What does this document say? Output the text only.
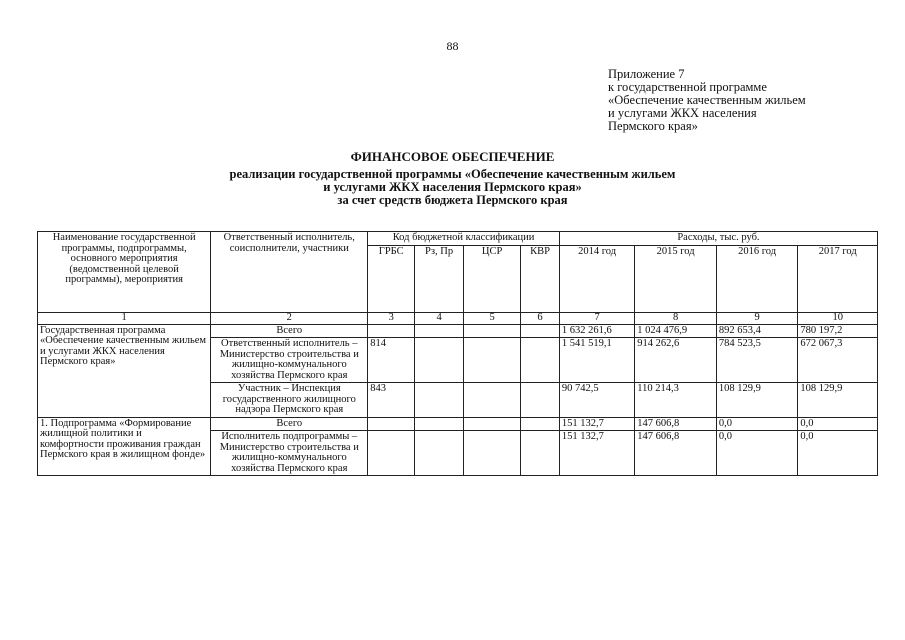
88
Приложение 7
к государственной программе
«Обеспечение качественным жильем
и услугами ЖКХ населения
Пермского края»
ФИНАНСОВОЕ ОБЕСПЕЧЕНИЕ
реализации государственной программы «Обеспечение качественным жильем
и услугами ЖКХ населения Пермского края»
за счет средств бюджета Пермского края
Наименование государственной программы, подпрограммы, основного мероприятия (ведомственной целевой программы), мероприятия	Ответственный исполнитель, соисполнители, участники	Код бюджетной классификации				Расходы, тыс. руб.			
		ГРБС	Рз, Пр	ЦСР	КВР	2014 год	2015 год	2016 год	2017 год
1	2	3	4	5	6	7	8	9	10
Государственная программа «Обеспечение качественным жильем и услугами ЖКХ населения Пермского края»	Всего					1 632 261,6	1 024 476,9	892 653,4	780 197,2
	Ответственный исполнитель – Министерство строительства и жилищно-коммунального хозяйства Пермского края	814				1 541 519,1	914 262,6	784 523,5	672 067,3
	Участник – Инспекция государственного жилищного надзора Пермского края	843				90 742,5	110 214,3	108 129,9	108 129,9
1. Подпрограмма «Формирование жилищной политики и комфортности проживания граждан Пермского края в жилищном фонде»	Всего					151 132,7	147 606,8	0,0	0,0
	Исполнитель подпрограммы – Министерство строительства и жилищно-коммунального хозяйства Пермского края					151 132,7	147 606,8	0,0	0,0
